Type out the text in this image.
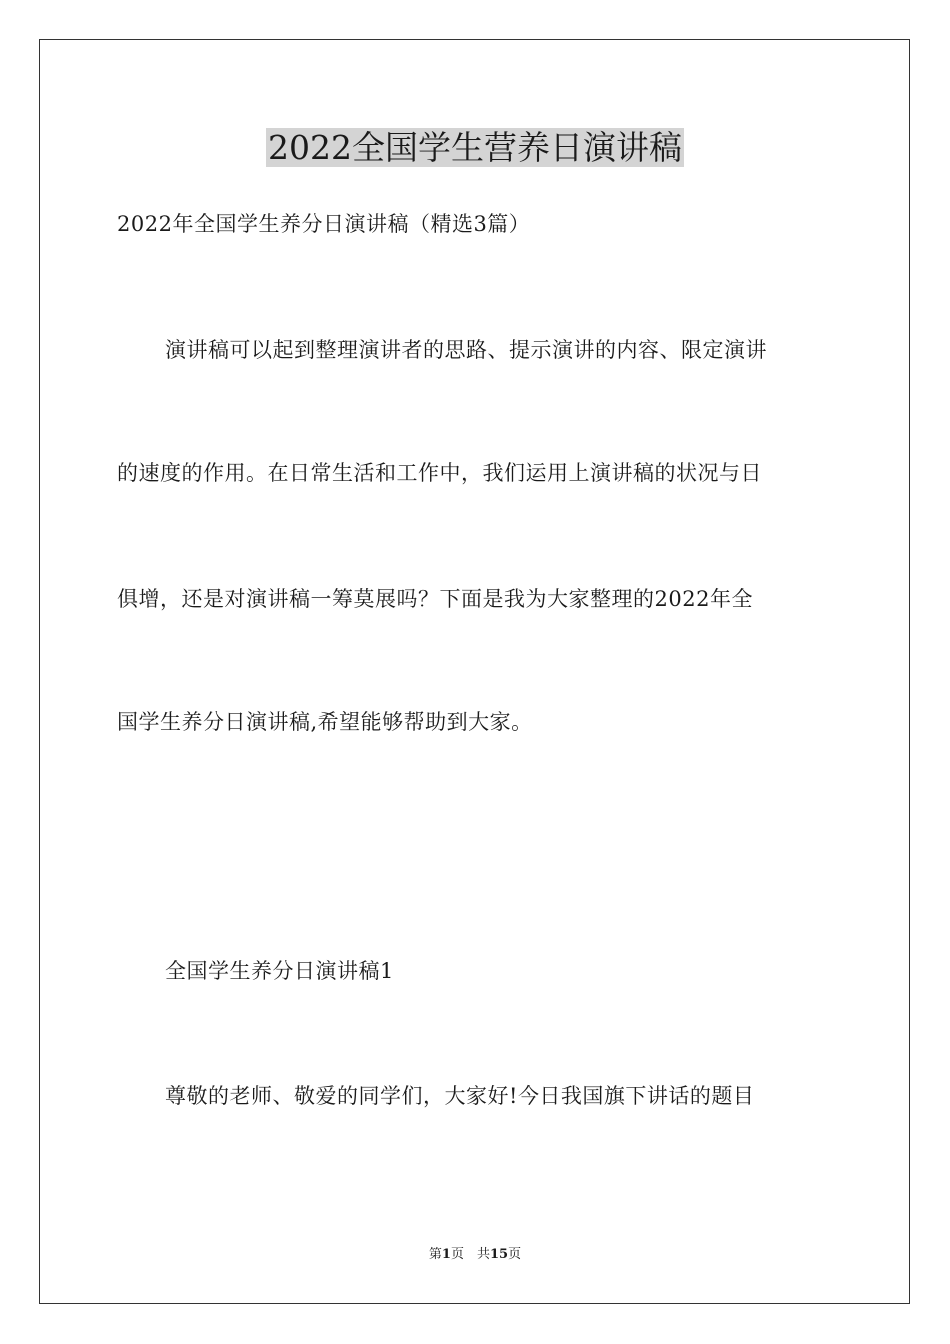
2022全国学生营养日演讲稿
2022年全国学生养分日演讲稿（精选3篇）
演讲稿可以起到整理演讲者的思路、提示演讲的内容、限定演讲
的速度的作用。在日常生活和工作中，我们运用上演讲稿的状况与日
俱增，还是对演讲稿一筹莫展吗？下面是我为大家整理的2022年全
国学生养分日演讲稿,希望能够帮助到大家。
全国学生养分日演讲稿1
尊敬的老师、敬爱的同学们，大家好!今日我国旗下讲话的题目
第1页　共15页
